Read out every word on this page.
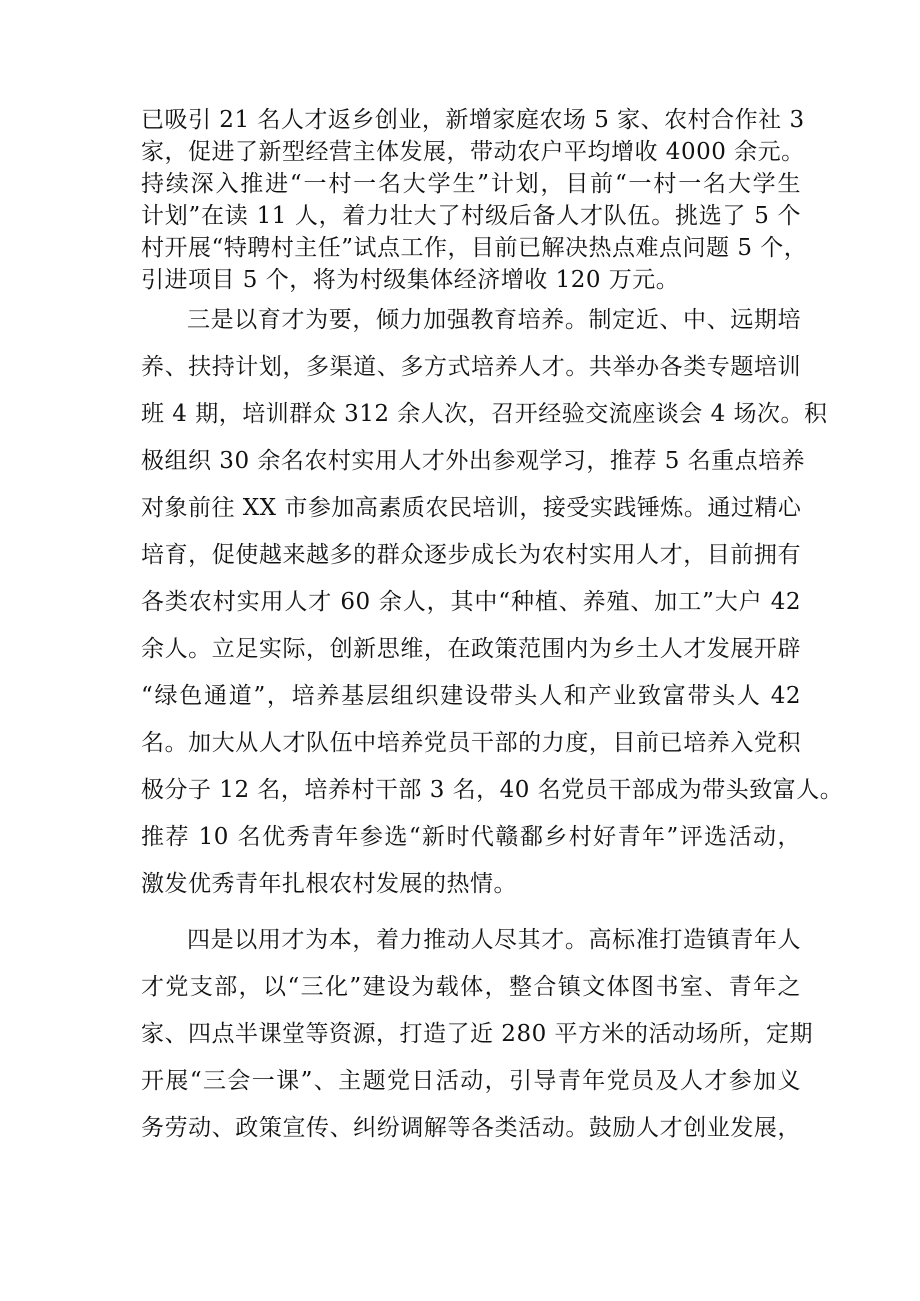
已吸引 21 名人才返乡创业，新增家庭农场 5 家、农村合作社 3
家，促进了新型经营主体发展，带动农户平均增收 4000 余元。
持续深入推进“一村一名大学生”计划，目前“一村一名大学生
计划”在读 11 人，着力壮大了村级后备人才队伍。挑选了 5 个
村开展“特聘村主任”试点工作，目前已解决热点难点问题 5 个，
引进项目 5 个，将为村级集体经济增收 120 万元。
三是以育才为要，倾力加强教育培养。制定近、中、远期培
养、扶持计划，多渠道、多方式培养人才。共举办各类专题培训
班 4 期，培训群众 312 余人次，召开经验交流座谈会 4 场次。积
极组织 30 余名农村实用人才外出参观学习，推荐 5 名重点培养
对象前往 XX 市参加高素质农民培训，接受实践锤炼。通过精心
培育，促使越来越多的群众逐步成长为农村实用人才，目前拥有
各类农村实用人才 60 余人，其中“种植、养殖、加工”大户 42
余人。立足实际，创新思维，在政策范围内为乡土人才发展开辟
“绿色通道”，培养基层组织建设带头人和产业致富带头人 42
名。加大从人才队伍中培养党员干部的力度，目前已培养入党积
极分子 12 名，培养村干部 3 名，40 名党员干部成为带头致富人。
推荐 10 名优秀青年参选“新时代赣鄱乡村好青年”评选活动，
激发优秀青年扎根农村发展的热情。
四是以用才为本，着力推动人尽其才。高标准打造镇青年人
才党支部，以“三化”建设为载体，整合镇文体图书室、青年之
家、四点半课堂等资源，打造了近 280 平方米的活动场所，定期
开展“三会一课”、主题党日活动，引导青年党员及人才参加义
务劳动、政策宣传、纠纷调解等各类活动。鼓励人才创业发展，
